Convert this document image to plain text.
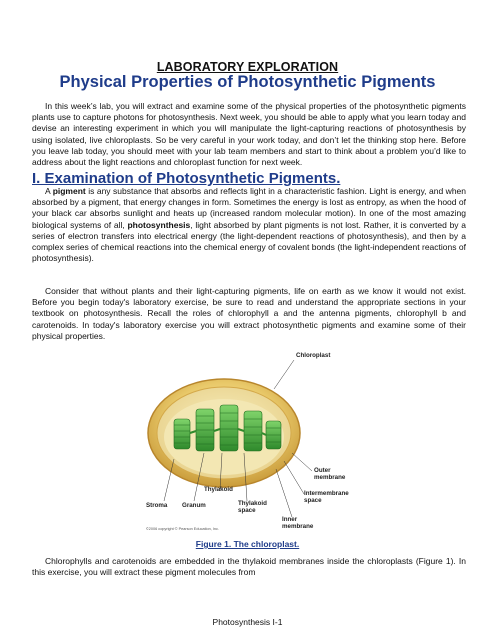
LABORATORY EXPLORATION
Physical Properties of Photosynthetic Pigments

In this week’s lab, you will extract and examine some of the physical properties of the photosynthetic pigments plants use to capture photons for photosynthesis. Next week, you should be able to apply what you learn today and devise an interesting experiment in which you will manipulate the light-capturing reactions of photosynthesis by using isolated, live chloroplasts. So be very careful in your work today, and don’t let the thinking stop here. Before you leave lab today, you should meet with your lab team members and start to think about a problem you’d like to address about the light reactions and chloroplast function for next week.

I. Examination of Photosynthetic Pigments.

A pigment is any substance that absorbs and reflects light in a characteristic fashion. Light is energy, and when absorbed by a pigment, that energy changes in form. Sometimes the energy is lost as entropy, as when the hood of your black car absorbs sunlight and heats up (increased random molecular motion). In one of the most amazing biological systems of all, photosynthesis, light absorbed by plant pigments is not lost. Rather, it is converted by a series of electron transfers into electrical energy (the light-dependent reactions of photosynthesis), and then by a complex series of chemical reactions into the chemical energy of covalent bonds (the light-independent reactions of photosynthesis).

Consider that without plants and their light-capturing pigments, life on earth as we know it would not exist. Before you begin today's laboratory exercise, be sure to read and understand the appropriate sections in your textbook on photosynthesis. Recall the roles of chlorophyll a and the antenna pigments, chlorophyll b and carotenoids. In today's laboratory exercise you will extract photosynthetic pigments and examine some of their physical properties.

Chloroplast
Outer membrane
Intermembrane space
Inner membrane
Thylakoid space
Thylakoid
Stroma Granum
©2006 copyright © Pearson Education, Inc.
Figure 1. The chloroplast.

Chlorophylls and carotenoids are embedded in the thylakoid membranes inside the chloroplasts (Figure 1). In this exercise, you will extract these pigment molecules from

Photosynthesis I-1
